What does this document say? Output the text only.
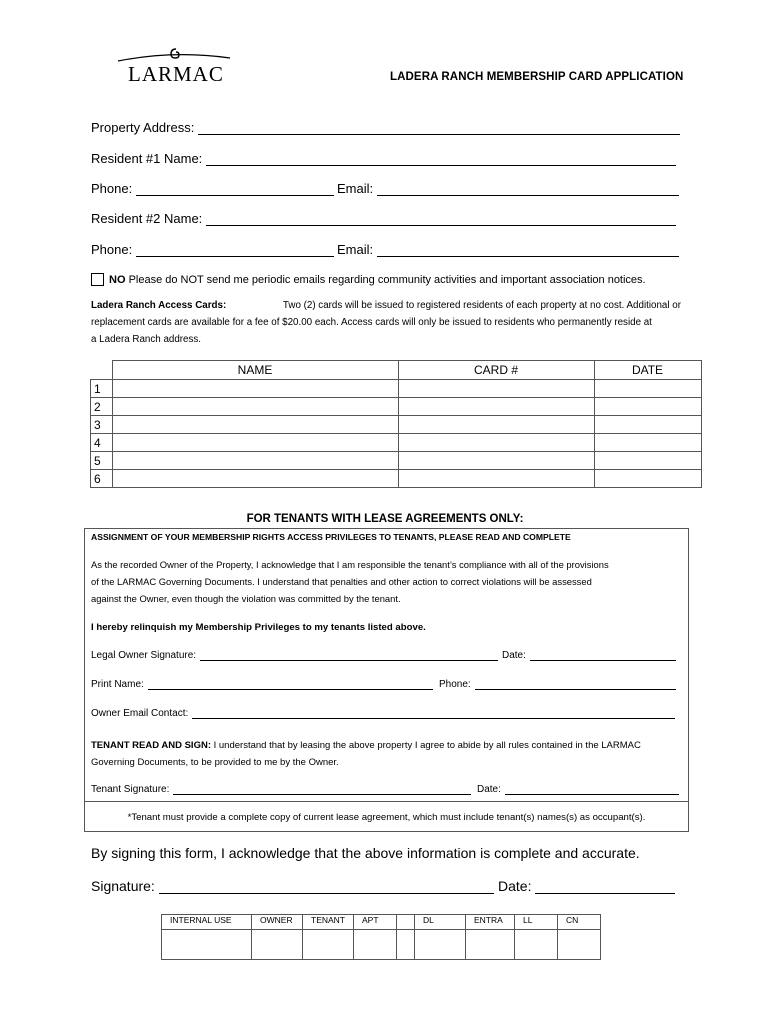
LARMAC	LADERA RANCH MEMBERSHIP CARD APPLICATION
Property Address:
Resident #1 Name:
Phone:	Email:
Resident #2 Name:
Phone:	Email:
NO
Please do NOT send me periodic emails regarding community activities and important association notices.
Ladera Ranch Access Cards:	Two (2) cards will be issued to registered residents of each property at no cost. Additional or
replacement cards are available for a fee of $20.00 each. Access cards will only be issued to residents who permanently reside at
a Ladera Ranch address.
	NAME	CARD #	DATE
1			
2			
3			
4			
5			
6			
FOR TENANTS WITH LEASE AGREEMENTS ONLY:
ASSIGNMENT OF YOUR MEMBERSHIP RIGHTS ACCESS PRIVILEGES TO TENANTS, PLEASE READ AND COMPLETE
As the recorded Owner of the Property, I acknowledge that I am responsible the tenant’s compliance with all of the provisions
of the LARMAC Governing Documents. I understand that penalties and other action to correct violations will be assessed
against the Owner, even though the violation was committed by the tenant.
I hereby relinquish my Membership Privileges to my tenants listed above.
Legal Owner Signature:	Date:
Print Name:	Phone:
Owner Email Contact:
TENANT READ AND SIGN: I understand that by leasing the above property I agree to abide by all rules contained in the LARMAC
Governing Documents, to be provided to me by the Owner.
Tenant Signature:	Date:
*Tenant must provide a complete copy of current lease agreement, which must include tenant(s) names(s) as occupant(s).
By signing this form, I acknowledge that the above information is complete and accurate.
Signature:	Date:
INTERNAL USE	OWNER	TENANT	APT		DL	ENTRA	LL	CN
